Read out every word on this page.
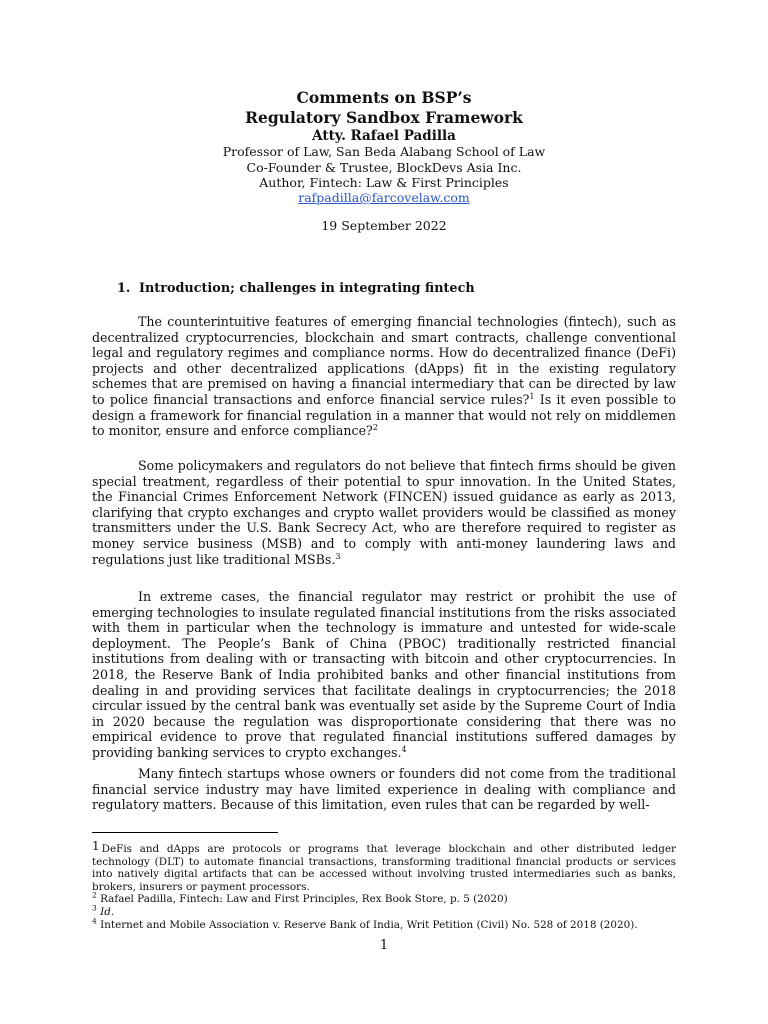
Comments on BSP’s
Regulatory Sandbox Framework
Atty. Rafael Padilla
Professor of Law, San Beda Alabang School of Law
Co-Founder & Trustee, BlockDevs Asia Inc.
Author, Fintech: Law & First Principles
rafpadilla@farcovelaw.com
19 September 2022
1. Introduction; challenges in integrating fintech
The counterintuitive features of emerging financial technologies (fintech), such as decentralized cryptocurrencies, blockchain and smart contracts, challenge conventional legal and regulatory regimes and compliance norms. How do decentralized finance (DeFi) projects and other decentralized applications (dApps) fit in the existing regulatory schemes that are premised on having a financial intermediary that can be directed by law to police financial transactions and enforce financial service rules?$^1$ Is it even possible to design a framework for financial regulation in a manner that would not rely on middlemen to monitor, ensure and enforce compliance?$^2$
Some policymakers and regulators do not believe that fintech firms should be given special treatment, regardless of their potential to spur innovation. In the United States, the Financial Crimes Enforcement Network (FINCEN) issued guidance as early as 2013, clarifying that crypto exchanges and crypto wallet providers would be classified as money transmitters under the U.S. Bank Secrecy Act, who are therefore required to register as money service business (MSB) and to comply with anti-money laundering laws and regulations just like traditional MSBs.$^3$
In extreme cases, the financial regulator may restrict or prohibit the use of emerging technologies to insulate regulated financial institutions from the risks associated with them in particular when the technology is immature and untested for wide-scale deployment. The People’s Bank of China (PBOC) traditionally restricted financial institutions from dealing with or transacting with bitcoin and other cryptocurrencies. In 2018, the Reserve Bank of India prohibited banks and other financial institutions from dealing in and providing services that facilitate dealings in cryptocurrencies; the 2018 circular issued by the central bank was eventually set aside by the Supreme Court of India in 2020 because the regulation was disproportionate considering that there was no empirical evidence to prove that regulated financial institutions suffered damages by providing banking services to crypto exchanges.$^4$
Many fintech startups whose owners or founders did not come from the traditional financial service industry may have limited experience in dealing with compliance and regulatory matters. Because of this limitation, even rules that can be regarded by well-
1 DeFis and dApps are protocols or programs that leverage blockchain and other distributed ledger technology (DLT) to automate financial transactions, transforming traditional financial products or services into natively digital artifacts that can be accessed without involving trusted intermediaries such as banks, brokers, insurers or payment processors.
$^2$ Rafael Padilla, Fintech: Law and First Principles, Rex Book Store, p. 5 (2020)
$^3$ Id.
$^4$ Internet and Mobile Association v. Reserve Bank of India, Writ Petition (Civil) No. 528 of 2018 (2020).
1
